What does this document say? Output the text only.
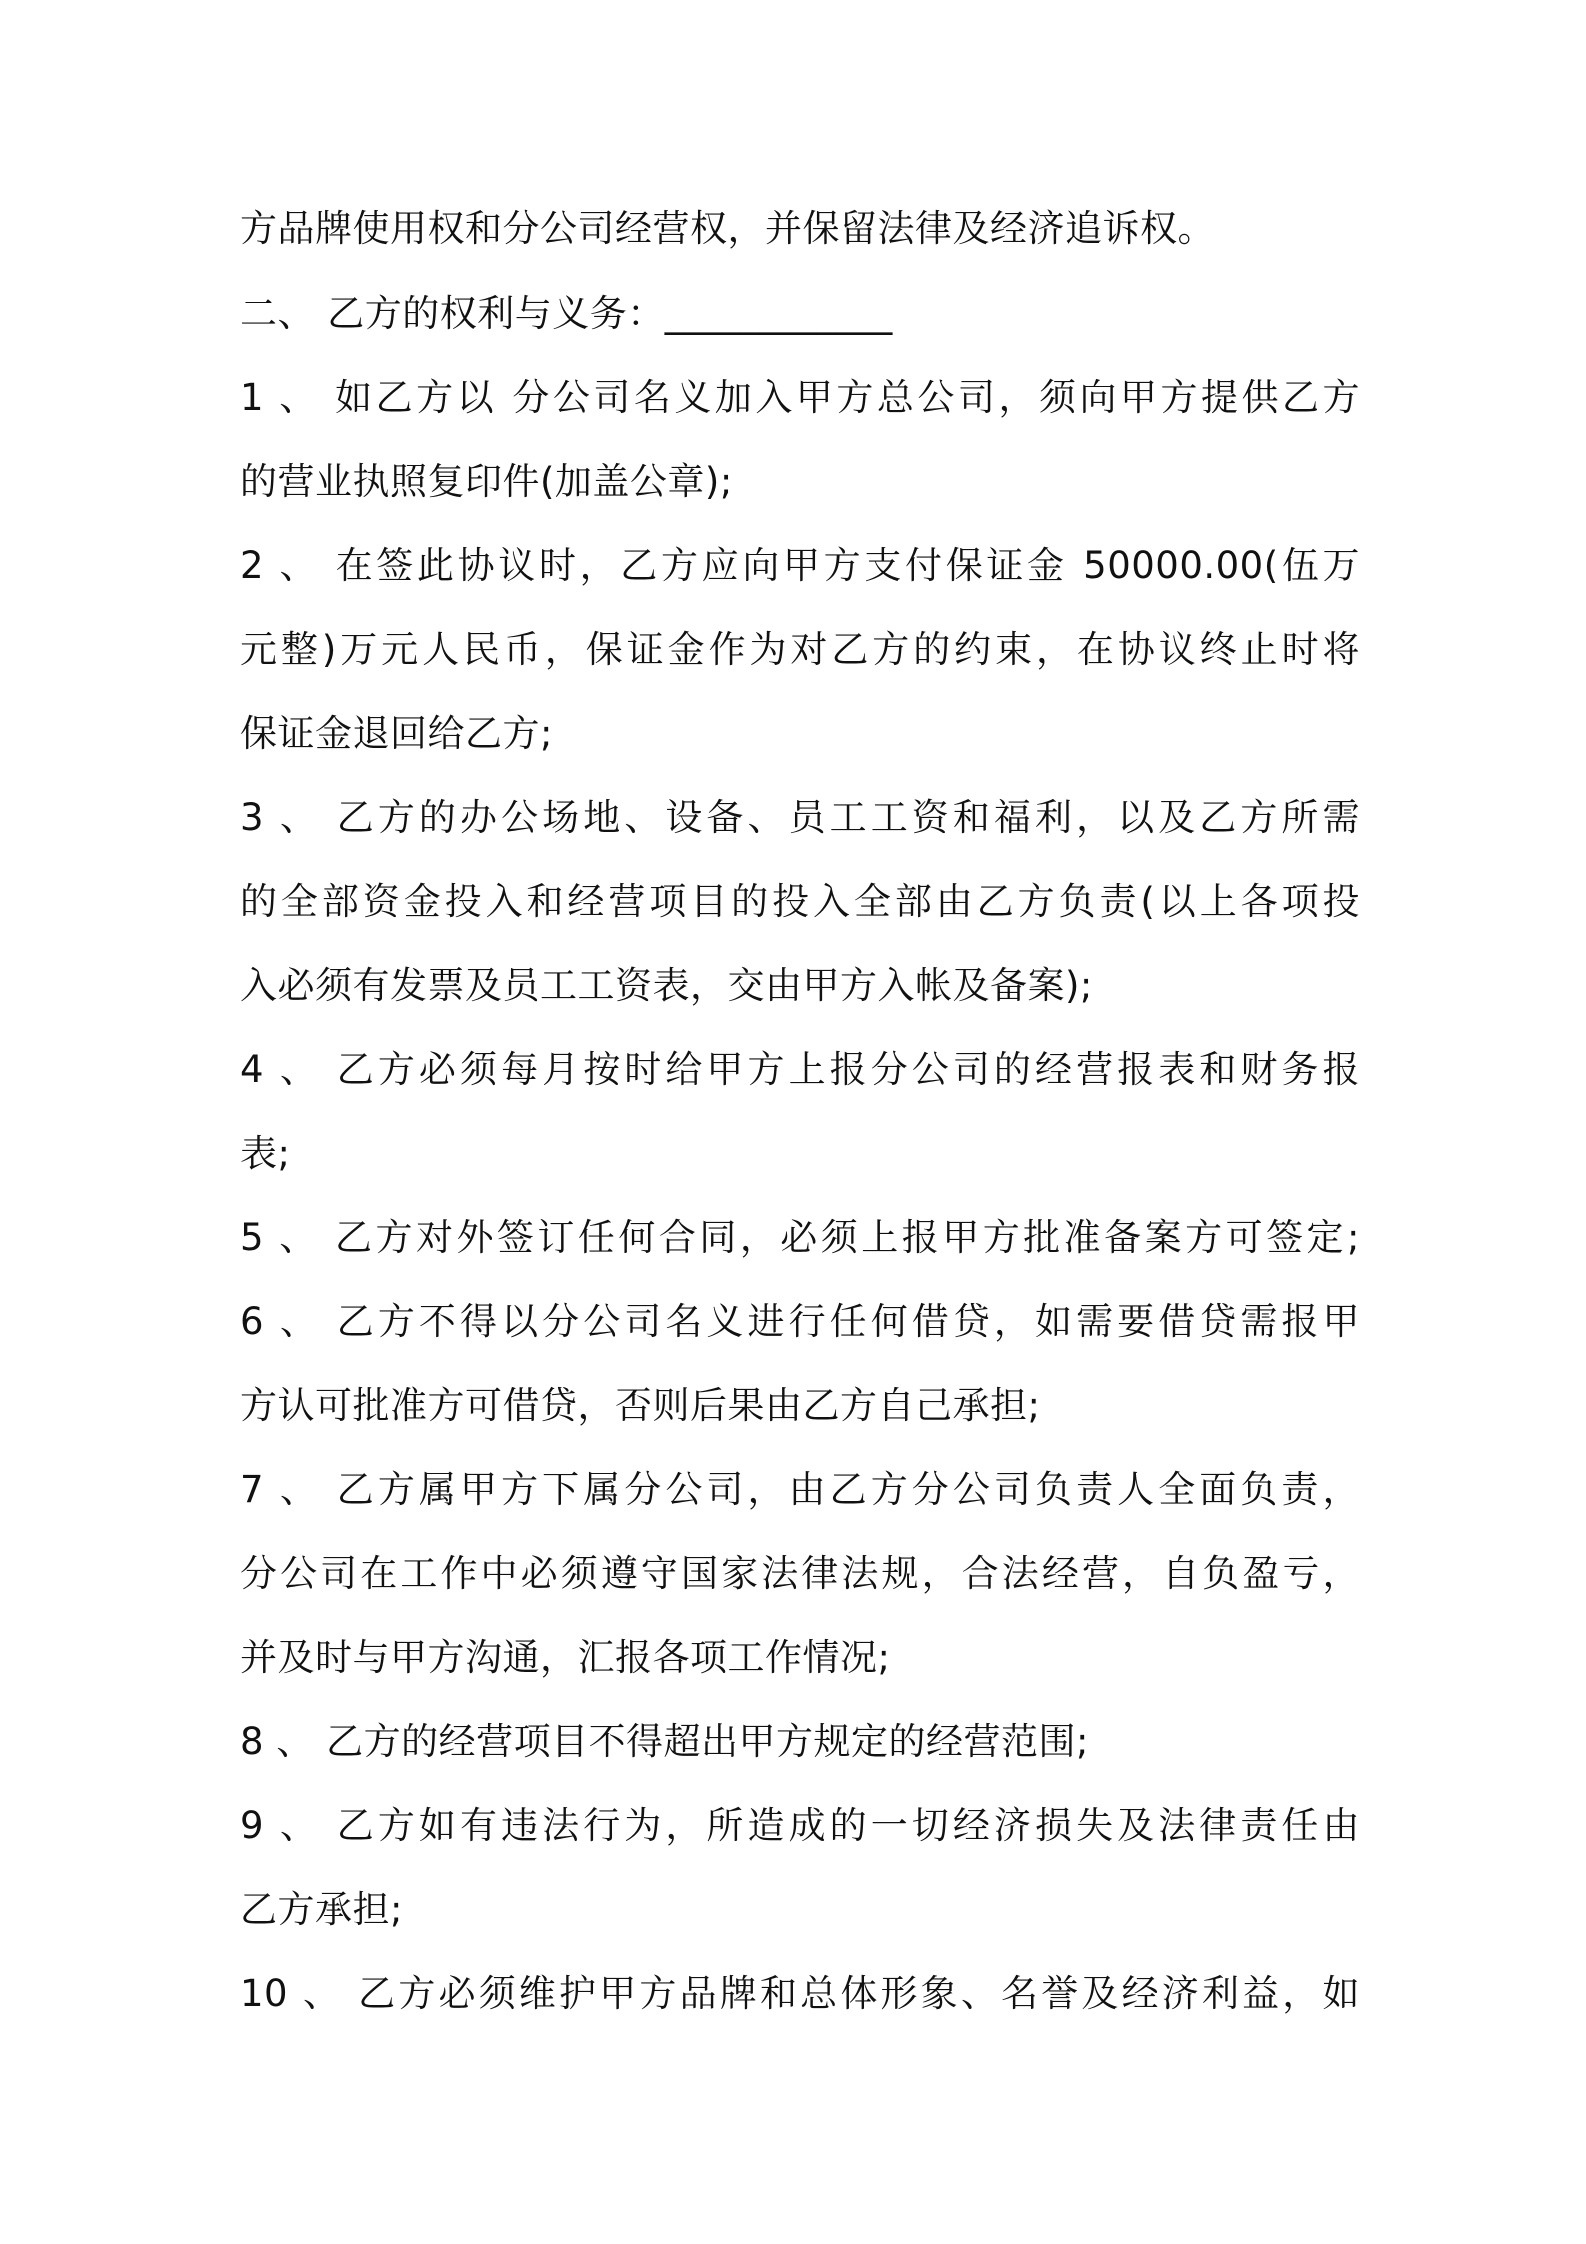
方品牌使用权和分公司经营权，并保留法律及经济追诉权。

二、 乙方的权利与义务：____________

1 、 如乙方以 分公司名义加入甲方总公司，须向甲方提供乙方

的营业执照复印件(加盖公章);

2 、 在签此协议时，乙方应向甲方支付保证金 50000.00(伍万

元整)万元人民币，保证金作为对乙方的约束，在协议终止时将

保证金退回给乙方;

3 、 乙方的办公场地、设备、员工工资和福利，以及乙方所需

的全部资金投入和经营项目的投入全部由乙方负责(以上各项投

入必须有发票及员工工资表，交由甲方入帐及备案);

4 、 乙方必须每月按时给甲方上报分公司的经营报表和财务报

表;

5 、 乙方对外签订任何合同，必须上报甲方批准备案方可签定;

6 、 乙方不得以分公司名义进行任何借贷，如需要借贷需报甲

方认可批准方可借贷，否则后果由乙方自己承担;

7 、 乙方属甲方下属分公司，由乙方分公司负责人全面负责，

分公司在工作中必须遵守国家法律法规，合法经营，自负盈亏，

并及时与甲方沟通，汇报各项工作情况;

8 、 乙方的经营项目不得超出甲方规定的经营范围;

9 、 乙方如有违法行为，所造成的一切经济损失及法律责任由

乙方承担;

10 、 乙方必须维护甲方品牌和总体形象、名誉及经济利益，如
